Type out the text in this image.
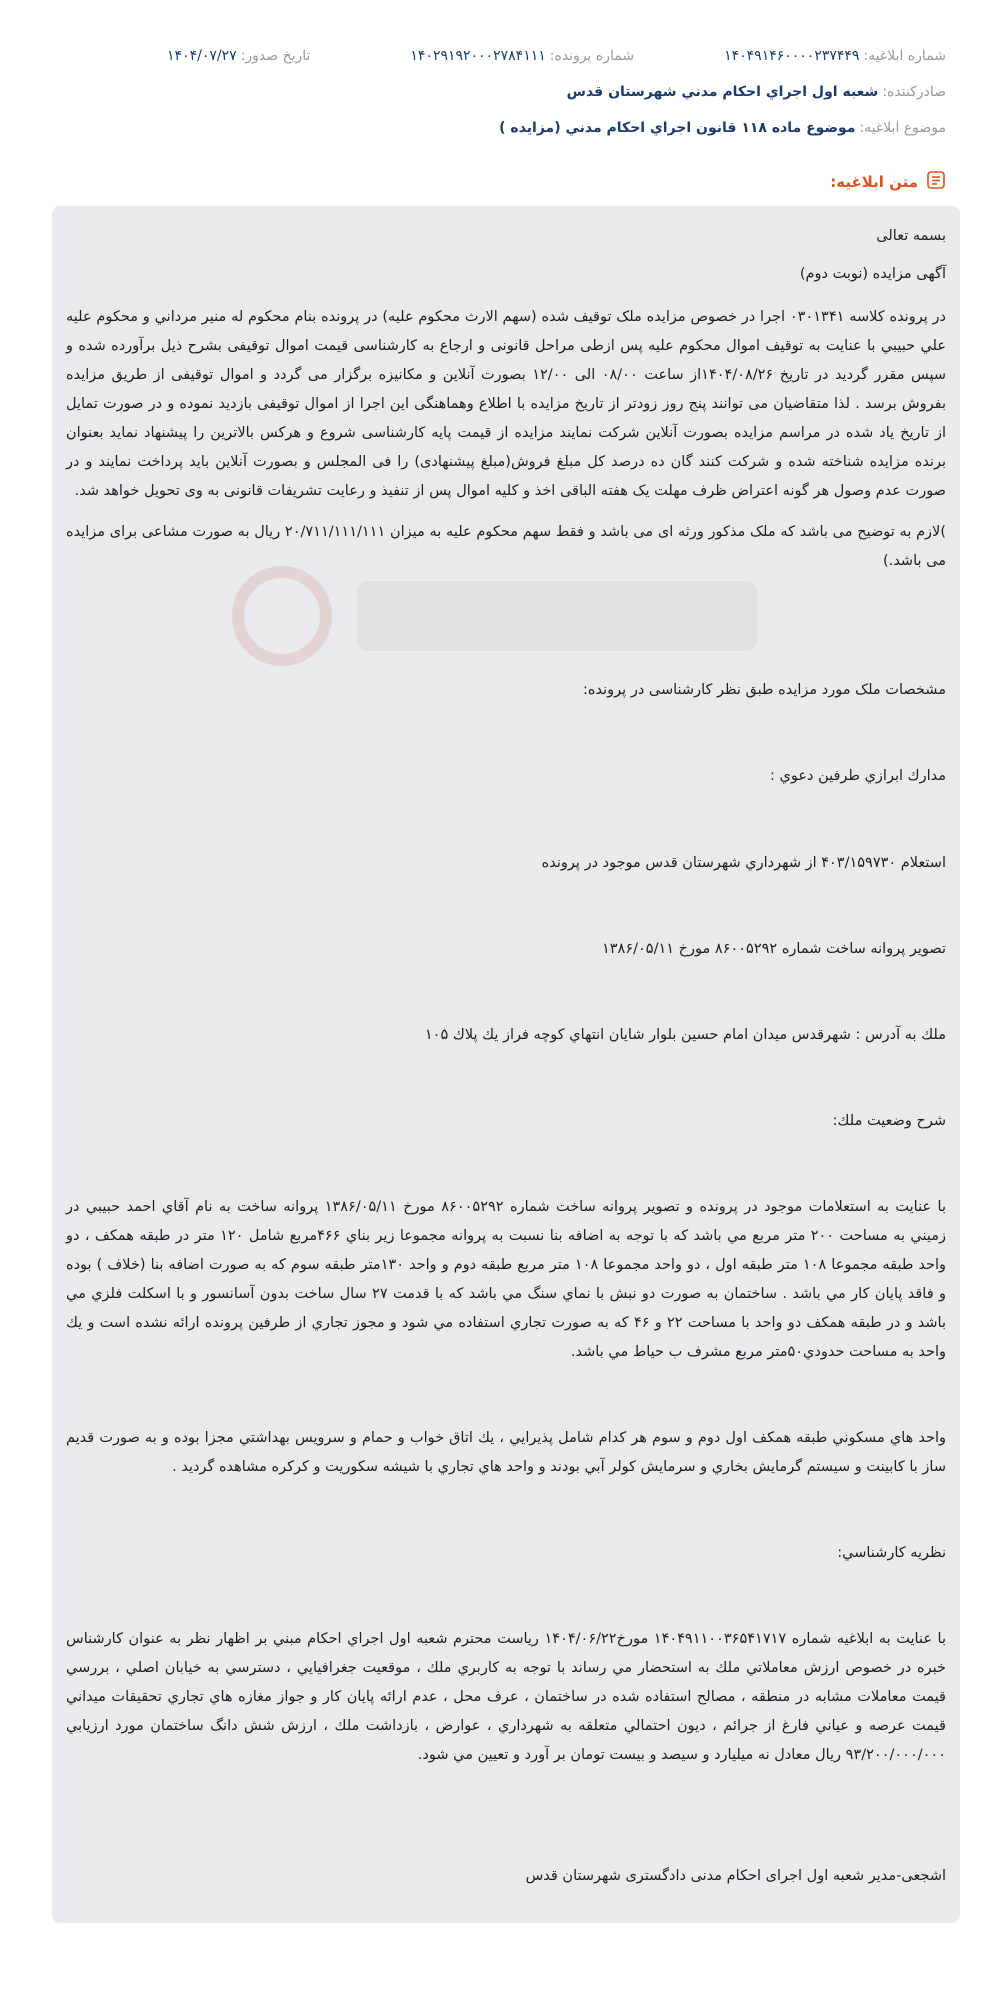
شماره ابلاغيه:
۱۴۰۴۹۱۴۶۰۰۰۰۲۳۷۴۴۹
شماره پرونده:
۱۴۰۲۹۱۹۲۰۰۰۲۷۸۴۱۱۱
تاريخ صدور:
۱۴۰۴/۰۷/۲۷
صادرکننده:
شعبه اول اجراي احكام مدني شهرستان قدس
موضوع ابلاغيه:
موضوع ماده ۱۱۸ قانون اجراي احكام مدني (مزايده )
متن ابلاغيه:

بسمه تعالی

آگهی مزايده (نوبت دوم)

در پرونده کلاسه ۰۳۰۱۳۴۱ اجرا در خصوص مزايده ملک توقيف شده (سهم الارث محکوم عليه) در پرونده بنام محکوم له منير مرداني و محکوم عليه علي حبيبي با عنايت به توقيف اموال محکوم عليه پس ازطی مراحل قانونی و ارجاع به کارشناسی قيمت اموال توقيفی بشرح ذيل برآورده شده و سپس مقرر گرديد در تاريخ ۱۴۰۴/۰۸/۲۶از ساعت ۰۸/۰۰ الی ۱۲/۰۰ بصورت آنلاين و مکانيزه برگزار می گردد و اموال توقيفی از طريق مزايده بفروش برسد . لذا متقاضيان می توانند پنج روز زودتر از تاريخ مزايده با اطلاع وهماهنگی اين اجرا از اموال توقيفی بازديد نموده و در صورت تمايل از تاريخ ياد شده در مراسم مزايده بصورت آنلاين شرکت نمايند مزايده از قيمت پايه کارشناسی شروع و هرکس بالاترين را پيشنهاد نمايد بعنوان برنده مزايده شناخته شده و شرکت کنند گان ده درصد کل مبلغ فروش(مبلغ پيشنهادی) را فی المجلس و بصورت آنلاين بايد پرداخت نمايند و در صورت عدم وصول هر گونه اعتراض ظرف مهلت يک هفته الباقی اخذ و کليه اموال پس از تنفيذ و رعايت تشريفات قانونی به وی تحويل خواهد شد.

)لازم به توضيح می باشد که ملک مذکور ورثه ای می باشد و فقط سهم محکوم عليه به ميزان ۲۰/۷۱۱/۱۱۱/۱۱۱ ريال به صورت مشاعی برای مزايده می باشد.)

مشخصات ملک مورد مزايده طبق نظر کارشناسی در پرونده:

مدارك ابرازي طرفين دعوي :

استعلام ۴۰۳/۱۵۹۷۳۰ از شهرداري شهرستان قدس موجود در پرونده

تصوير پروانه ساخت شماره ۸۶۰۰۵۲۹۲ مورخ ۱۳۸۶/۰۵/۱۱

ملك به آدرس : شهرقدس ميدان امام حسين بلوار شايان انتهاي كوچه فراز يك پلاك ۱۰۵

شرح وضعيت ملك:

با عنايت به استعلامات موجود در پرونده و تصوير پروانه ساخت شماره ۸۶۰۰۵۲۹۲ مورخ ۱۳۸۶/۰۵/۱۱ پروانه ساخت به نام آقاي احمد حبيبي در زميني به مساحت ۲۰۰ متر مربع مي باشد كه با توجه به اضافه بنا نسبت به پروانه مجموعا زير بناي ۴۶۶مربع شامل ۱۲۰ متر در طبقه همكف ، دو واحد طبقه مجموعا ۱۰۸ متر طبقه اول ، دو واحد مجموعا ۱۰۸ متر مربع طبقه دوم و واحد ۱۳۰متر طبقه سوم كه به صورت اضافه بنا (خلاف ) بوده و فاقد پايان كار مي باشد . ساختمان به صورت دو نبش با نماي سنگ مي باشد كه با قدمت ۲۷ سال ساخت بدون آسانسور و با اسكلت فلزي مي باشد و در طبقه همكف دو واحد با مساحت ۲۲ و ۴۶ كه به صورت تجاري استفاده مي شود و مجوز تجاري از طرفين پرونده ارائه نشده است و يك واحد به مساحت حدودي۵۰متر مربع مشرف ب حياط مي باشد.

واحد هاي مسكوني طبقه همكف اول دوم و سوم هر كدام شامل پذيرايي ، يك اتاق خواب و حمام و سرويس بهداشتي مجزا بوده و به صورت قديم ساز با كابينت و سيستم گرمايش بخاري و سرمايش كولر آبي بودند و واحد هاي تجاري با شيشه سكوريت و كركره مشاهده گرديد .

نظريه كارشناسي:

با عنايت به ابلاغيه شماره ۱۴۰۴۹۱۱۰۰۳۶۵۴۱۷۱۷ مورخ۱۴۰۴/۰۶/۲۲ رياست محترم شعبه اول اجراي احكام مبني بر اظهار نظر به عنوان كارشناس خبره در خصوص ارزش معاملاتي ملك به استحضار مي رساند با توجه به كاربري ملك ، موقعيت جغرافيايي ، دسترسي به خيابان اصلي ، بررسي قيمت معاملات مشابه در منطقه ، مصالح استفاده شده در ساختمان ، عرف محل ، عدم ارائه پايان كار و جواز مغازه هاي تجاري تحقيقات ميداني قيمت عرصه و عياني فارغ از جرائم ، ديون احتمالي متعلقه به شهرداري ، عوارض ، بازداشت ملك ، ارزش شش دانگ ساختمان مورد ارزيابي ۹۳/۲۰۰/۰۰۰/۰۰۰ ريال معادل نه ميليارد و سيصد و بيست تومان بر آورد و تعيين مي شود.

اشجعی-مدير شعبه اول اجرای احکام مدنی دادگستری شهرستان قدس
